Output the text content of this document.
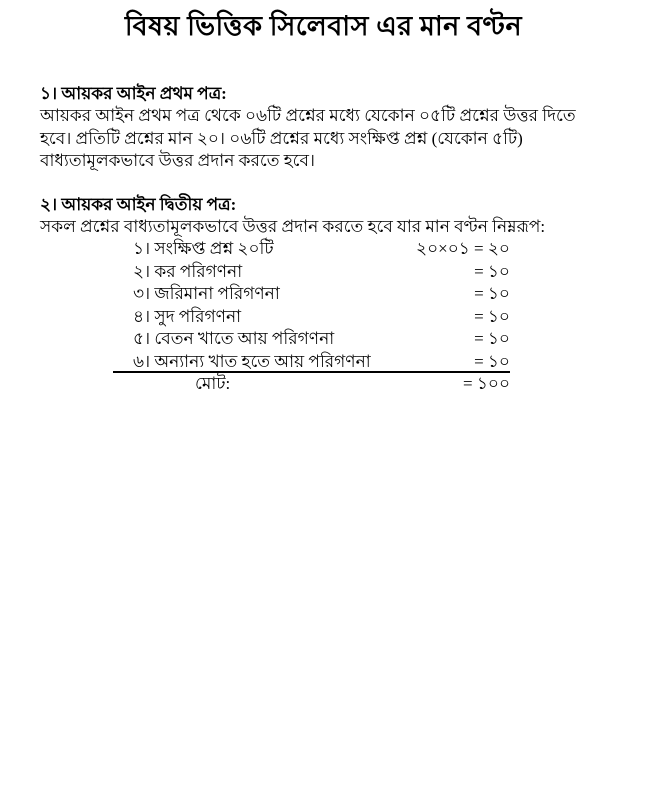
বিষয় ভিত্তিক সিলেবাস এর মান বণ্টন
১। আয়কর আইন প্রথম পত্র:

আয়কর আইন প্রথম পত্র থেকে ০৬টি প্রশ্নের মধ্যে যেকোন ০৫টি প্রশ্নের উত্তর দিতে হবে। প্রতিটি প্রশ্নের মান ২০। ০৬টি প্রশ্নের মধ্যে সংক্ষিপ্ত প্রশ্ন (যেকোন ৫টি) বাধ্যতামূলকভাবে উত্তর প্রদান করতে হবে।

২। আয়কর আইন দ্বিতীয় পত্র:

সকল প্রশ্নের বাধ্যতামূলকভাবে উত্তর প্রদান করতে হবে যার মান বণ্টন নিম্নরূপ:

১। সংক্ষিপ্ত প্রশ্ন ২০টি	২০×০১ = ২০
২। কর পরিগণনা	= ১০
৩। জরিমানা পরিগণনা	= ১০
৪। সুদ পরিগণনা	= ১০
৫। বেতন খাতে আয় পরিগণনা	= ১০
৬। অন্যান্য খাত হতে আয় পরিগণনা	= ১০
মোট:	= ১০০
